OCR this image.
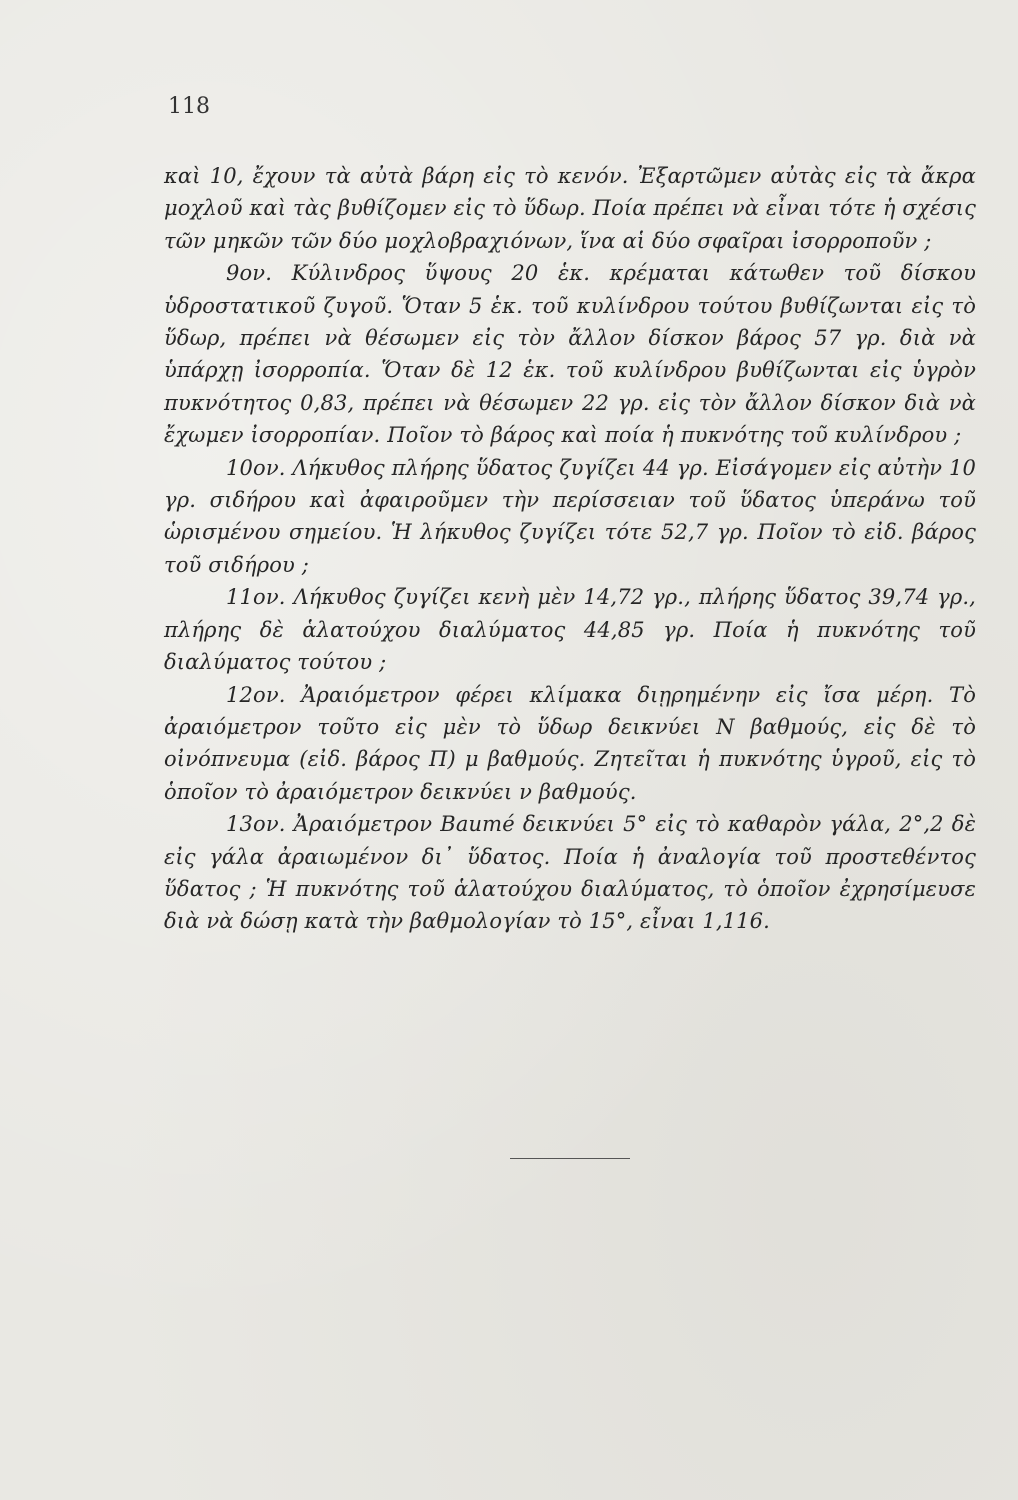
118

καὶ 10, ἔχουν τὰ αὐτὰ βάρη εἰς τὸ κενόν. Ἐξαρτῶμεν αὐτὰς εἰς τὰ ἄκρα μοχλοῦ καὶ τὰς βυθίζομεν εἰς τὸ ὕδωρ. Ποία πρέπει νὰ εἶναι τότε ἡ σχέσις τῶν μηκῶν τῶν δύο μοχλοβραχιόνων, ἵνα αἱ δύο σφαῖραι ἰσορροποῦν ;

9ον. Κύλινδρος ὕψους 20 ἑκ. κρέμαται κάτωθεν τοῦ δίσκου ὑδροστατικοῦ ζυγοῦ. Ὅταν 5 ἑκ. τοῦ κυλίνδρου τούτου βυθίζωνται εἰς τὸ ὕδωρ, πρέπει νὰ θέσωμεν εἰς τὸν ἄλλον δίσκον βάρος 57 γρ. διὰ νὰ ὑπάρχῃ ἰσορροπία. Ὅταν δὲ 12 ἑκ. τοῦ κυλίνδρου βυθίζωνται εἰς ὑγρὸν πυκνότητος 0,83, πρέπει νὰ θέσωμεν 22 γρ. εἰς τὸν ἄλλον δίσκον διὰ νὰ ἔχωμεν ἰσορροπίαν. Ποῖον τὸ βάρος καὶ ποία ἡ πυκνότης τοῦ κυλίνδρου ;

10ον. Λήκυθος πλήρης ὕδατος ζυγίζει 44 γρ. Εἰσάγομεν εἰς αὐτὴν 10 γρ. σιδήρου καὶ ἀφαιροῦμεν τὴν περίσσειαν τοῦ ὕδατος ὑπεράνω τοῦ ὡρισμένου σημείου. Ἡ λήκυθος ζυγίζει τότε 52,7 γρ. Ποῖον τὸ εἰδ. βάρος τοῦ σιδήρου ;

11ον. Λήκυθος ζυγίζει κενὴ μὲν 14,72 γρ., πλήρης ὕδατος 39,74 γρ., πλήρης δὲ ἁλατούχου διαλύματος 44,85 γρ. Ποία ἡ πυκνότης τοῦ διαλύματος τούτου ;

12ον. Ἀραιόμετρον φέρει κλίμακα διῃρημένην εἰς ἴσα μέρη. Τὸ ἀραιόμετρον τοῦτο εἰς μὲν τὸ ὕδωρ δεικνύει Ν βαθμούς, εἰς δὲ τὸ οἰνόπνευμα (εἰδ. βάρος Π) μ βαθμούς. Ζητεῖται ἡ πυκνότης ὑγροῦ, εἰς τὸ ὁποῖον τὸ ἀραιόμετρον δεικνύει ν βαθμούς.

13ον. Ἀραιόμετρον Baumé δεικνύει 5° εἰς τὸ καθαρὸν γάλα, 2°,2 δὲ εἰς γάλα ἀραιωμένον δι᾽ ὕδατος. Ποία ἡ ἀναλογία τοῦ προστεθέντος ὕδατος ; Ἡ πυκνότης τοῦ ἁλατούχου διαλύματος, τὸ ὁποῖον ἐχρησίμευσε διὰ νὰ δώσῃ κατὰ τὴν βαθμολογίαν τὸ 15°, εἶναι 1,116.
